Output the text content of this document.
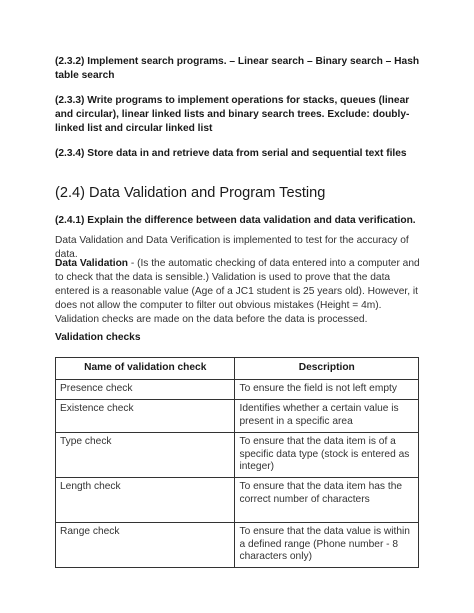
(2.3.2) Implement search programs. – Linear search – Binary search – Hash table search
(2.3.3) Write programs to implement operations for stacks, queues (linear and circular), linear linked lists and binary search trees. Exclude: doubly-linked list and circular linked list
(2.3.4) Store data in and retrieve data from serial and sequential text files
(2.4) Data Validation and Program Testing
(2.4.1) Explain the difference between data validation and data verification.
Data Validation and Data Verification is implemented to test for the accuracy of data.
Data Validation - (Is the automatic checking of data entered into a computer and to check that the data is sensible.) Validation is used to prove that the data entered is a reasonable value (Age of a JC1 student is 25 years old). However, it does not allow the computer to filter out obvious mistakes (Height = 4m). Validation checks are made on the data before the data is processed.
Validation checks
Name of validation check	Description
Presence check	To ensure the field is not left empty
Existence check	Identifies whether a certain value is present in a specific area
Type check	To ensure that the data item is of a specific data type (stock is entered as integer)
Length check	To ensure that the data item has the correct number of characters
Range check	To ensure that the data value is within a defined range (Phone number - 8 characters only)
